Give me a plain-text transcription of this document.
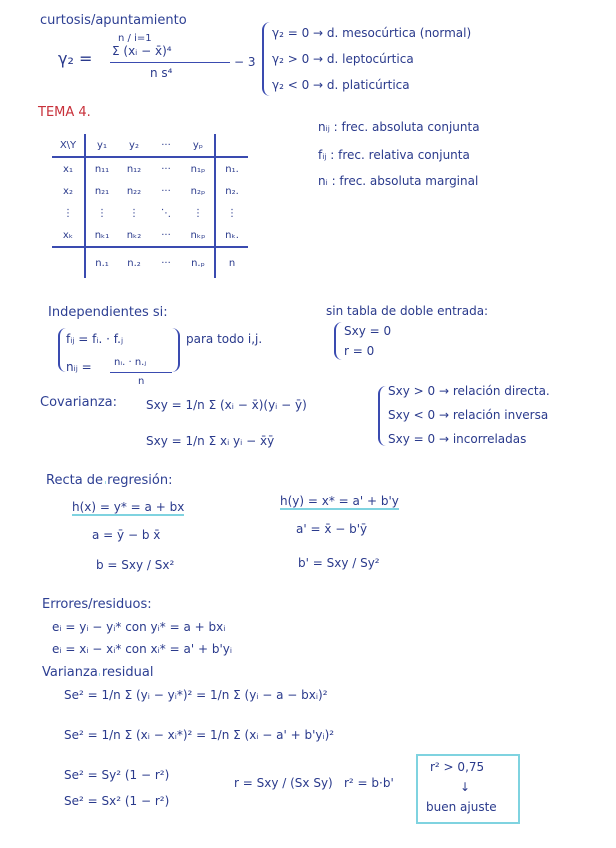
curtosis/apuntamiento
γ₂ =
n / i=1
Σ (xᵢ − x̄)⁴
n s⁴
− 3
γ₂ = 0 → d. mesocúrtica (normal)
γ₂ > 0 → d. leptocúrtica
γ₂ < 0 → d. platicúrtica
TEMA 4.
X\Y	y₁	y₂	···	yₚ	
x₁	n₁₁	n₁₂	···	n₁ₚ	n₁.
x₂	n₂₁	n₂₂	···	n₂ₚ	n₂.
⋮	⋮	⋮	⋱	⋮	⋮
xₖ	nₖ₁	nₖ₂	···	nₖₚ	nₖ.
	n.₁	n.₂	···	n.ₚ	n
nᵢⱼ : frec. absoluta conjunta
fᵢⱼ : frec. relativa conjunta
nᵢ : frec. absoluta marginal
Independientes si:
fᵢⱼ = fᵢ. · f.ⱼ
nᵢⱼ = nᵢ. · n.ⱼ
n
para todo i,j.
sin tabla de doble entrada:
Sxy = 0
r = 0
Covarianza: Sxy = 1/n Σ (xᵢ − x̄)(yᵢ − ȳ)
Sxy = 1/n Σ xᵢ yᵢ − x̄ȳ
Sxy > 0 → relación directa.
Sxy < 0 → relación inversa
Sxy = 0 → incorreladas
Recta de regresión:
h(x) = y* = a + bx
a = ȳ − b x̄
b = Sxy / Sx²
h(y) = x* = a' + b'y
a' = x̄ − b'ȳ
b' = Sxy / Sy²
Errores/residuos:
eᵢ = yᵢ − yᵢ* con yᵢ* = a + bxᵢ
eᵢ = xᵢ − xᵢ* con xᵢ* = a' + b'yᵢ
Varianza residual
Se² = 1/n Σ (yᵢ − yᵢ*)² = 1/n Σ (yᵢ − a − bxᵢ)²
Se² = 1/n Σ (xᵢ − xᵢ*)² = 1/n Σ (xᵢ − a' + b'yᵢ)²
Se² = Sy² (1 − r²)
Se² = Sx² (1 − r²)
r = Sxy / (Sx Sy) r² = b·b'
r² > 0,75
↓
buen ajuste
